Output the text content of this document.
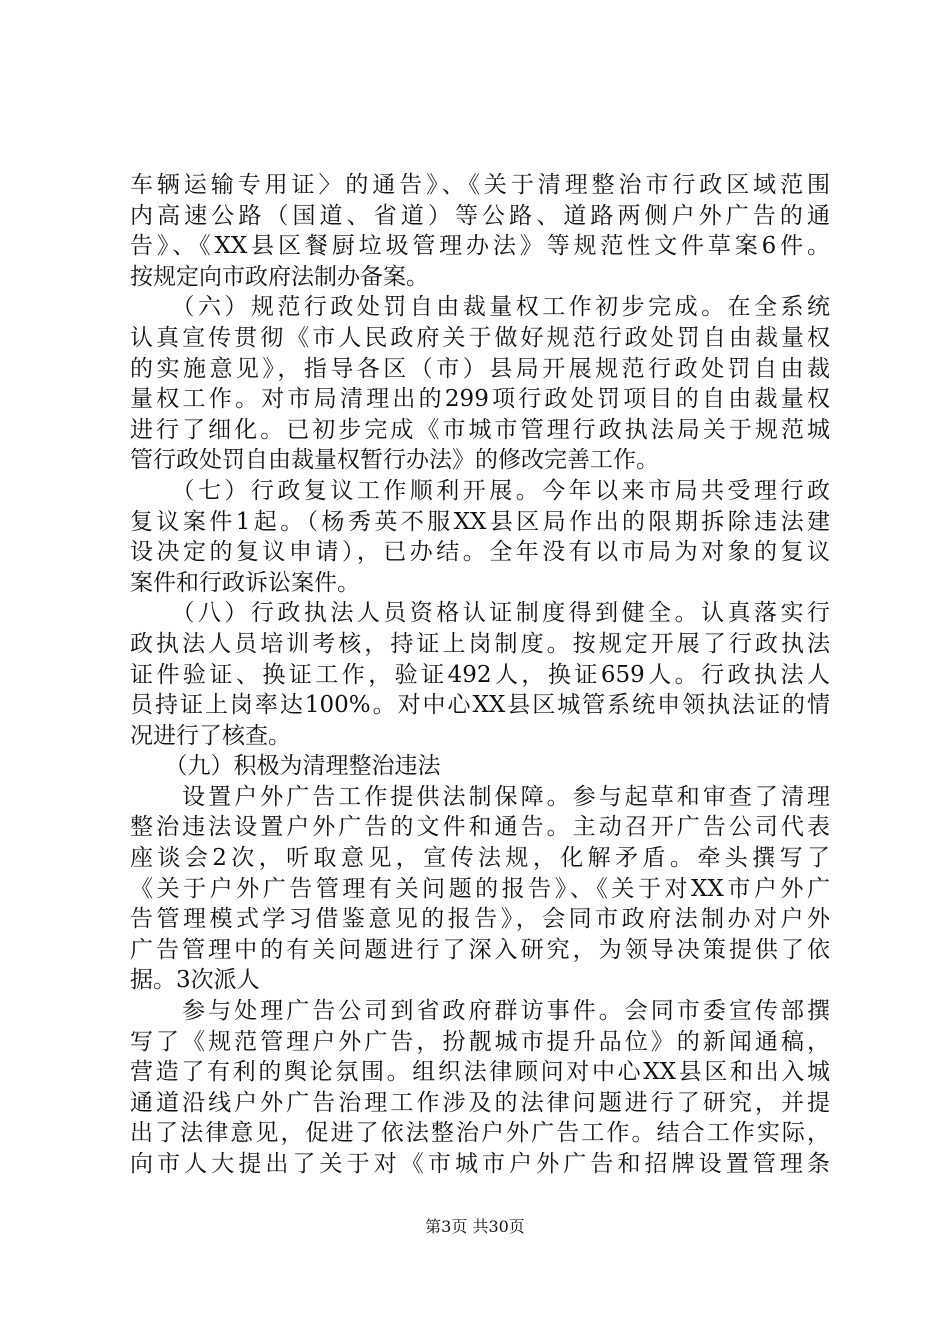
车辆运输专用证〉的通告》、《关于清理整治市行政区域范围
内高速公路（国道、省道）等公路、道路两侧户外广告的通
告》、《XX县区餐厨垃圾管理办法》等规范性文件草案6件。
按规定向市政府法制办备案。
　　（六）规范行政处罚自由裁量权工作初步完成。在全系统
认真宣传贯彻《市人民政府关于做好规范行政处罚自由裁量权
的实施意见》，指导各区（市）县局开展规范行政处罚自由裁
量权工作。对市局清理出的299项行政处罚项目的自由裁量权
进行了细化。已初步完成《市城市管理行政执法局关于规范城
管行政处罚自由裁量权暂行办法》的修改完善工作。
　　（七）行政复议工作顺利开展。今年以来市局共受理行政
复议案件1起。（杨秀英不服XX县区局作出的限期拆除违法建
设决定的复议申请），已办结。全年没有以市局为对象的复议
案件和行政诉讼案件。
　　（八）行政执法人员资格认证制度得到健全。认真落实行
政执法人员培训考核，持证上岗制度。按规定开展了行政执法
证件验证、换证工作，验证492人，换证659人。行政执法人
员持证上岗率达100%。对中心XX县区城管系统申领执法证的情
况进行了核查。
　　（九）积极为清理整治违法
　　设置户外广告工作提供法制保障。参与起草和审查了清理
整治违法设置户外广告的文件和通告。主动召开广告公司代表
座谈会2次，听取意见，宣传法规，化解矛盾。牵头撰写了
《关于户外广告管理有关问题的报告》、《关于对XX市户外广
告管理模式学习借鉴意见的报告》，会同市政府法制办对户外
广告管理中的有关问题进行了深入研究，为领导决策提供了依
据。3次派人
　　参与处理广告公司到省政府群访事件。会同市委宣传部撰
写了《规范管理户外广告，扮靓城市提升品位》的新闻通稿，
营造了有利的舆论氛围。组织法律顾问对中心XX县区和出入城
通道沿线户外广告治理工作涉及的法律问题进行了研究，并提
出了法律意见，促进了依法整治户外广告工作。结合工作实际，
向市人大提出了关于对《市城市户外广告和招牌设置管理条
第3页 共30页
